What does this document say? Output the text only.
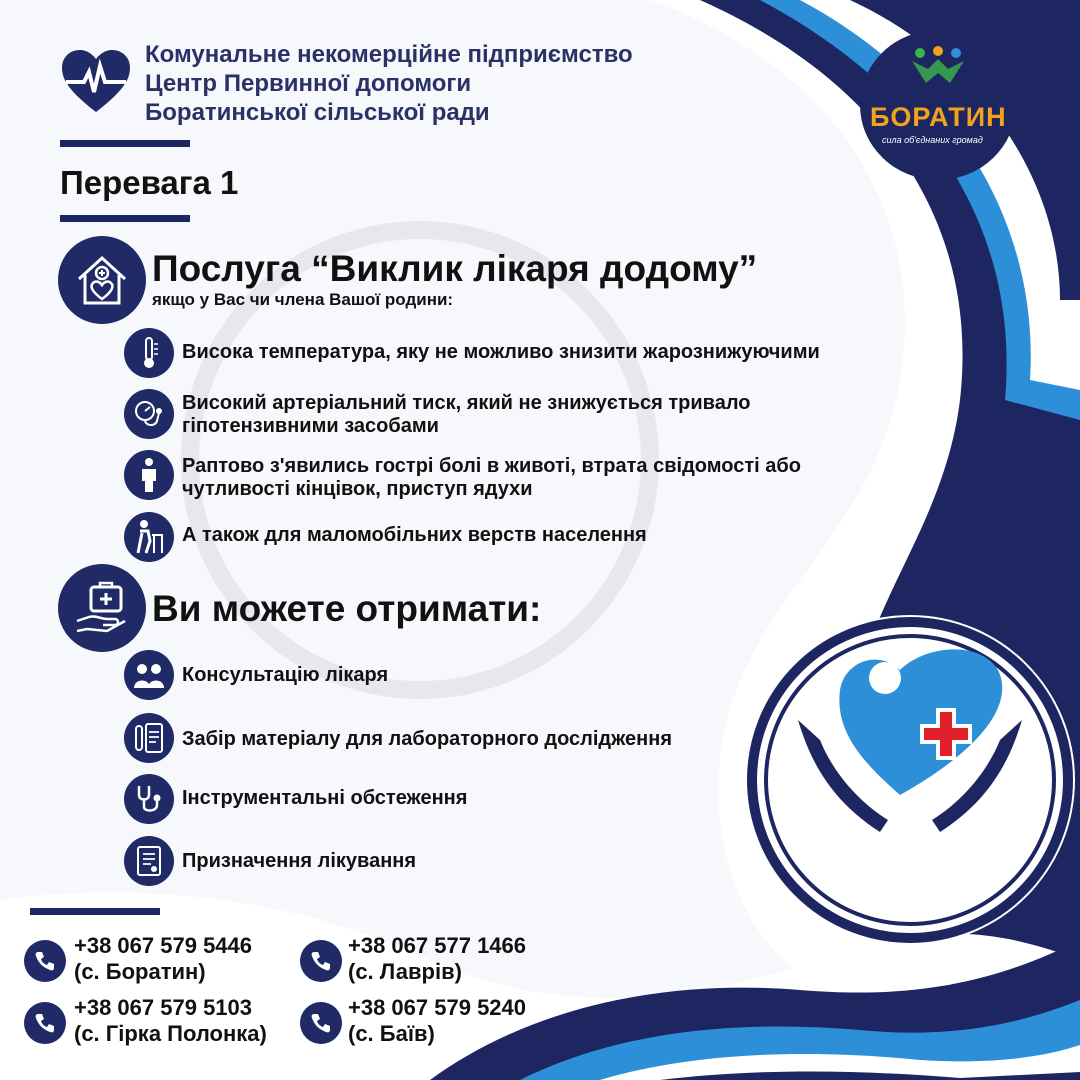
Комунальне некомерційне підприємство
Центр Первинної допомоги
Боратинської сільської ради	БОРАТИН
сила об'єднаних громад
Перевага 1
Послуга “Виклик лікаря додому”
якщо у Вас чи члена Вашої родини:
Висока температура, яку не можливо знизити жарознижуючими
Високий артеріальний тиск, який не знижується тривало
гіпотензивними засобами
Раптово з'явились гострі болі в животі, втрата свідомості або
чутливості кінцівок, приступ ядухи
А також для маломобільних верств населення
Ви можете отримати:
Консультацію лікаря
Забір матеріалу для лабораторного дослідження
Інструментальні обстеження
Призначення лікування
+38 067 579 5446
(с. Боратин)
+38 067 577 1466
(с. Лаврів)
+38 067 579 5103
(с. Гірка Полонка)
+38 067 579 5240
(с. Баїв)
